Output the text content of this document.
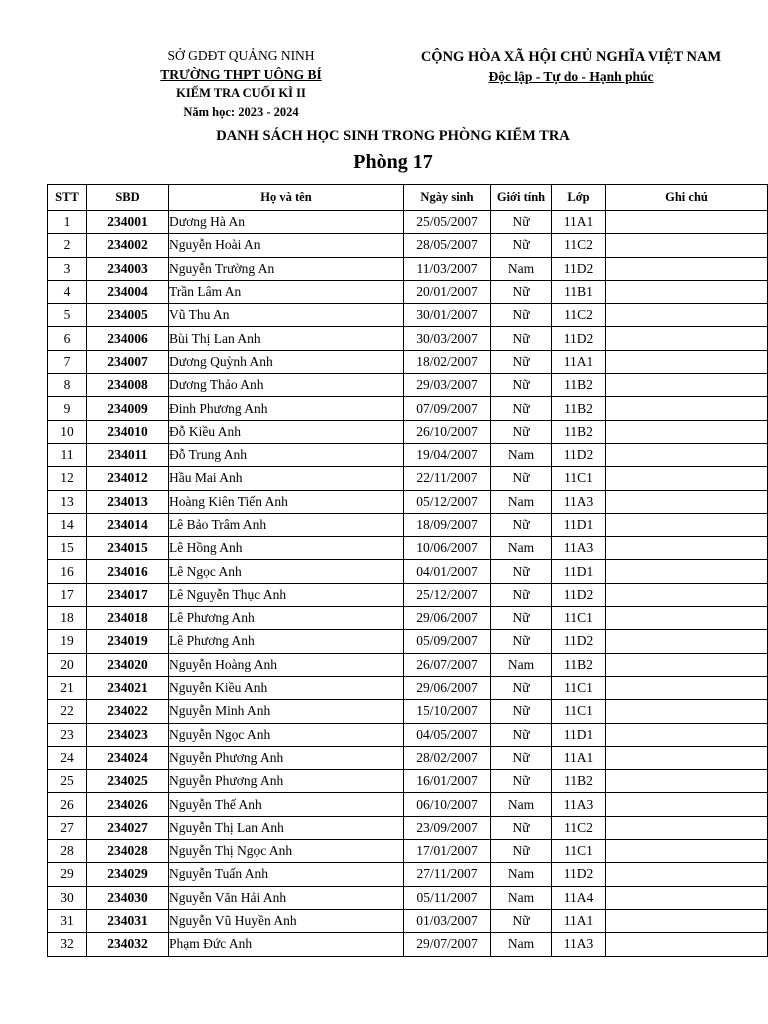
SỞ GDĐT QUẢNG NINH
TRƯỜNG THPT UÔNG BÍ
KIỂM TRA CUỐI KÌ II
Năm học: 2023 - 2024
CỘNG HÒA XÃ HỘI CHỦ NGHĨA VIỆT NAM
Độc lập - Tự do - Hạnh phúc
DANH SÁCH HỌC SINH TRONG PHÒNG KIỂM TRA
Phòng 17
STT	SBD	Họ và tên	Ngày sinh	Giới tính	Lớp	Ghi chú
1	234001	Dương Hà An	25/05/2007	Nữ	11A1	
2	234002	Nguyễn Hoài An	28/05/2007	Nữ	11C2	
3	234003	Nguyễn Trường An	11/03/2007	Nam	11D2	
4	234004	Trần Lâm An	20/01/2007	Nữ	11B1	
5	234005	Vũ Thu An	30/01/2007	Nữ	11C2	
6	234006	Bùi Thị Lan Anh	30/03/2007	Nữ	11D2	
7	234007	Dương Quỳnh Anh	18/02/2007	Nữ	11A1	
8	234008	Dương Thảo Anh	29/03/2007	Nữ	11B2	
9	234009	Đinh Phương Anh	07/09/2007	Nữ	11B2	
10	234010	Đỗ Kiều Anh	26/10/2007	Nữ	11B2	
11	234011	Đỗ Trung Anh	19/04/2007	Nam	11D2	
12	234012	Hầu Mai Anh	22/11/2007	Nữ	11C1	
13	234013	Hoàng Kiên Tiến Anh	05/12/2007	Nam	11A3	
14	234014	Lê Bảo Trâm Anh	18/09/2007	Nữ	11D1	
15	234015	Lê Hồng Anh	10/06/2007	Nam	11A3	
16	234016	Lê Ngọc Anh	04/01/2007	Nữ	11D1	
17	234017	Lê Nguyễn Thục Anh	25/12/2007	Nữ	11D2	
18	234018	Lê Phương Anh	29/06/2007	Nữ	11C1	
19	234019	Lê Phương Anh	05/09/2007	Nữ	11D2	
20	234020	Nguyễn Hoàng Anh	26/07/2007	Nam	11B2	
21	234021	Nguyễn Kiều Anh	29/06/2007	Nữ	11C1	
22	234022	Nguyễn Minh Anh	15/10/2007	Nữ	11C1	
23	234023	Nguyễn Ngọc Anh	04/05/2007	Nữ	11D1	
24	234024	Nguyễn Phương Anh	28/02/2007	Nữ	11A1	
25	234025	Nguyễn Phương Anh	16/01/2007	Nữ	11B2	
26	234026	Nguyễn Thế Anh	06/10/2007	Nam	11A3	
27	234027	Nguyễn Thị Lan Anh	23/09/2007	Nữ	11C2	
28	234028	Nguyễn Thị Ngọc Anh	17/01/2007	Nữ	11C1	
29	234029	Nguyễn Tuấn Anh	27/11/2007	Nam	11D2	
30	234030	Nguyễn Văn Hải Anh	05/11/2007	Nam	11A4	
31	234031	Nguyễn Vũ Huyền Anh	01/03/2007	Nữ	11A1	
32	234032	Phạm Đức Anh	29/07/2007	Nam	11A3	
